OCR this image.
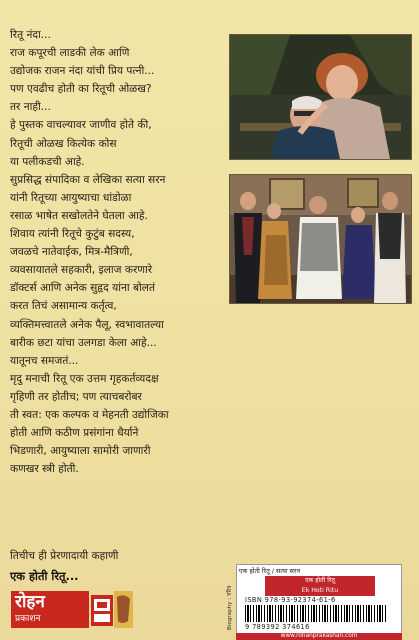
रितू नंदा...
राज कपूरची लाडकी लेक आणि
उद्योजक राजन नंदा यांची प्रिय पत्नी...
पण एवढीच होती का रितूची ओळख?
तर नाही...
हे पुस्तक वाचल्यावर जाणीव होते की,
रितूची ओळख कित्येक कोस
या पलीकडची आहे.
सुप्रसिद्ध संपादिका व लेखिका सत्या सरन
यांनी रितूच्या आयुष्याचा धांडोळा
रसाळ भाषेत सखोलतेने घेतला आहे.
शिवाय त्यांनी रितूचे कुटुंब सदस्य,
जवळचे नातेवाईक, मित्र-मैत्रिणी,
व्यवसायातले सहकारी, इलाज करणारे
डॉक्टर्स आणि अनेक सुहृद यांना बोलतं
करत तिचं असामान्य कर्तृत्व,
व्यक्तिमत्त्वातले अनेक पैलू, स्वभावातल्या
बारीक छटा यांचा उलगडा केला आहे...
यातूनच समजतं...
मृदु मनाची रितू एक उत्तम गृहकर्तव्यदक्ष
गृहिणी तर होतीच; पण त्याचबरोबर
ती स्वत: एक कल्पक व मेहनती उद्योजिका
होती आणि कठीण प्रसंगांना धैर्याने
भिडणारी, आयुष्याला सामोरी जाणारी
कणखर स्त्री होती.
तिचीच ही प्रेरणादायी कहाणी
एक होती रितू...
रोहन
प्रकाशन	Biography : चरित्र
एक होती रितू / सत्या सरन
एक होती रितू
Ek Hoti Ritu
ISBN 978-93-92374-61-6
9 789392 374616
www.rohanprakashan.com
